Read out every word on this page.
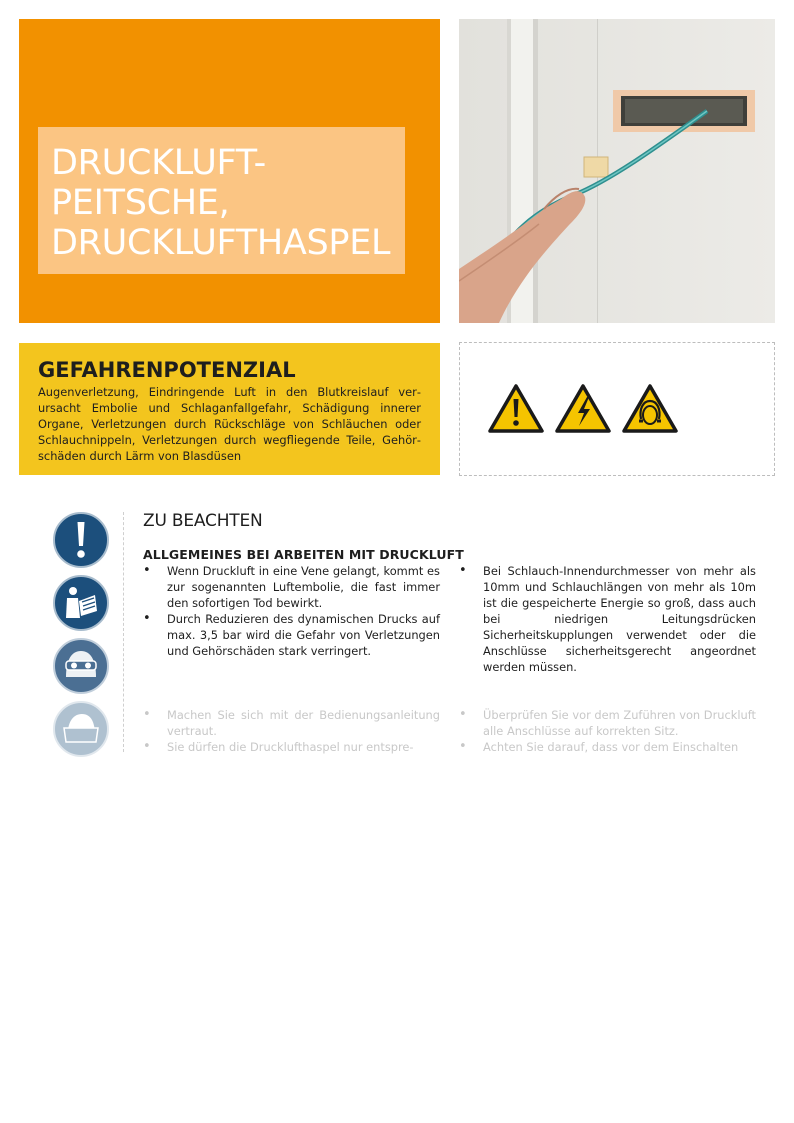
DRUCKLUFT-
PEITSCHE,
DRUCKLUFTHASPEL
GEFAHRENPOTENZIAL

Augenverletzung, Eindringende Luft in den Blutkreislauf verursacht Embolie und Schlaganfallgefahr, Schädigung innerer Organe, Verletzungen durch Rückschläge von Schläuchen oder Schlauchnippeln, Verletzungen durch wegfliegende Teile, Gehörschäden durch Lärm von Blasdüsen

ZU BEACHTEN
ALLGEMEINES BEI ARBEITEN MIT DRUCKLUFT
• Wenn Druckluft in eine Vene gelangt, kommt es zur sogenannten Luftembolie, die fast immer den sofortigen Tod bewirkt.
• Durch Reduzieren des dynamischen Drucks auf max. 3,5 bar wird die Gefahr von Verletzungen und Gehörschäden stark verringert.
• Bei Schlauch-Innendurchmesser von mehr als 10mm und Schlauchlängen von mehr als 10m ist die gespeicherte Energie so groß, dass auch bei niedrigen Leitungsdrücken Sicherheitskupplungen verwendet oder die Anschlüsse sicherheitsgerecht angeordnet werden müssen.
• Machen Sie sich mit der Bedienungsanleitung vertraut.
• Sie dürfen die Drucklufthaspel nur entspre-
• Überprüfen Sie vor dem Zuführen von Druckluft alle Anschlüsse auf korrekten Sitz.
• Achten Sie darauf, dass vor dem Einschalten
